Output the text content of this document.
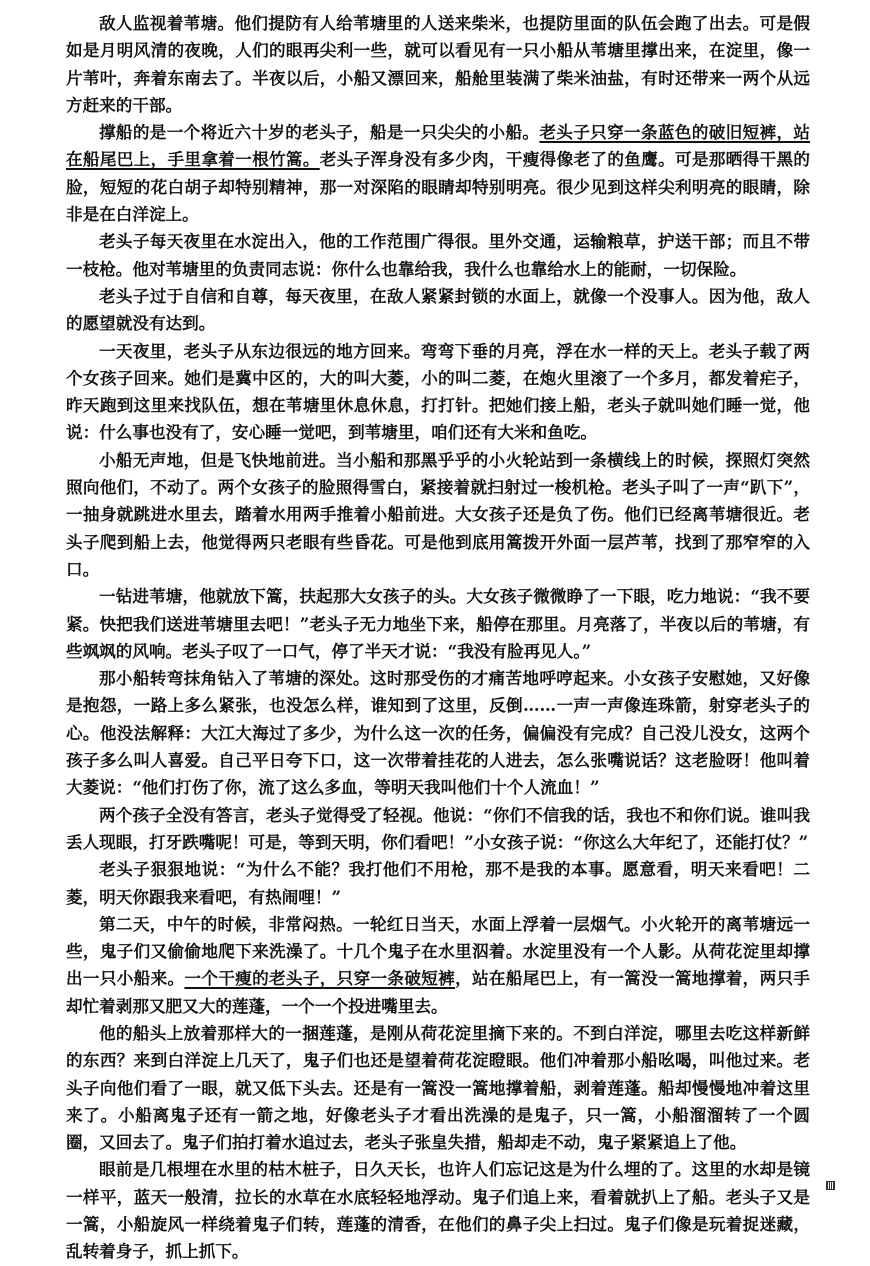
敌人监视着苇塘。他们提防有人给苇塘里的人送来柴米，也提防里面的队伍会跑了出去。可是假如是月明风清的夜晚，人们的眼再尖利一些，就可以看见有一只小船从苇塘里撑出来，在淀里，像一片苇叶，奔着东南去了。半夜以后，小船又漂回来，船舱里装满了柴米油盐，有时还带来一两个从远方赶来的干部。

撑船的是一个将近六十岁的老头子，船是一只尖尖的小船。老头子只穿一条蓝色的破旧短裤，站在船尾巴上，手里拿着一根竹篙。老头子浑身没有多少肉，干瘦得像老了的鱼鹰。可是那晒得干黑的脸，短短的花白胡子却特别精神，那一对深陷的眼睛却特别明亮。很少见到这样尖利明亮的眼睛，除非是在白洋淀上。

老头子每天夜里在水淀出入，他的工作范围广得很。里外交通，运输粮草，护送干部；而且不带一枝枪。他对苇塘里的负责同志说：你什么也靠给我，我什么也靠给水上的能耐，一切保险。

老头子过于自信和自尊，每天夜里，在敌人紧紧封锁的水面上，就像一个没事人。因为他，敌人的愿望就没有达到。

一天夜里，老头子从东边很远的地方回来。弯弯下垂的月亮，浮在水一样的天上。老头子载了两个女孩子回来。她们是冀中区的，大的叫大菱，小的叫二菱，在炮火里滚了一个多月，都发着疟子，昨天跑到这里来找队伍，想在苇塘里休息休息，打打针。把她们接上船，老头子就叫她们睡一觉，他说：什么事也没有了，安心睡一觉吧，到苇塘里，咱们还有大米和鱼吃。

小船无声地，但是飞快地前进。当小船和那黑乎乎的小火轮站到一条横线上的时候，探照灯突然照向他们，不动了。两个女孩子的脸照得雪白，紧接着就扫射过一梭机枪。老头子叫了一声“趴下”，一抽身就跳进水里去，踏着水用两手推着小船前进。大女孩子还是负了伤。他们已经离苇塘很近。老头子爬到船上去，他觉得两只老眼有些昏花。可是他到底用篙拨开外面一层芦苇，找到了那窄窄的入口。

一钻进苇塘，他就放下篙，扶起那大女孩子的头。大女孩子微微睁了一下眼，吃力地说：“我不要紧。快把我们送进苇塘里去吧！”老头子无力地坐下来，船停在那里。月亮落了，半夜以后的苇塘，有些飒飒的风响。老头子叹了一口气，停了半天才说：“我没有脸再见人。”

那小船转弯抹角钻入了苇塘的深处。这时那受伤的才痛苦地呼哼起来。小女孩子安慰她，又好像是抱怨，一路上多么紧张，也没怎么样，谁知到了这里，反倒……一声一声像连珠箭，射穿老头子的心。他没法解释：大江大海过了多少，为什么这一次的任务，偏偏没有完成？自己没儿没女，这两个孩子多么叫人喜爱。自己平日夸下口，这一次带着挂花的人进去，怎么张嘴说话？这老脸呀！他叫着大菱说：“他们打伤了你，流了这么多血，等明天我叫他们十个人流血！”

两个孩子全没有答言，老头子觉得受了轻视。他说：“你们不信我的话，我也不和你们说。谁叫我丢人现眼，打牙跌嘴呢！可是，等到天明，你们看吧！”小女孩子说：“你这么大年纪了，还能打仗？”

老头子狠狠地说：“为什么不能？我打他们不用枪，那不是我的本事。愿意看，明天来看吧！二菱，明天你跟我来看吧，有热闹哩！”

第二天，中午的时候，非常闷热。一轮红日当天，水面上浮着一层烟气。小火轮开的离苇塘远一些，鬼子们又偷偷地爬下来洗澡了。十几个鬼子在水里泅着。水淀里没有一个人影。从荷花淀里却撑出一只小船来。一个干瘦的老头子，只穿一条破短裤，站在船尾巴上，有一篙没一篙地撑着，两只手却忙着剥那又肥又大的莲蓬，一个一个投进嘴里去。

他的船头上放着那样大的一捆莲蓬，是刚从荷花淀里摘下来的。不到白洋淀，哪里去吃这样新鲜的东西？来到白洋淀上几天了，鬼子们也还是望着荷花淀瞪眼。他们冲着那小船吆喝，叫他过来。老头子向他们看了一眼，就又低下头去。还是有一篙没一篙地撑着船，剥着莲蓬。船却慢慢地冲着这里来了。小船离鬼子还有一箭之地，好像老头子才看出洗澡的是鬼子，只一篙，小船溜溜转了一个圆圈，又回去了。鬼子们拍打着水追过去，老头子张皇失措，船却走不动，鬼子紧紧追上了他。

眼前是几根埋在水里的枯木桩子，日久天长，也许人们忘记这是为什么埋的了。这里的水却是镜一样平，蓝天一般清，拉长的水草在水底轻轻地浮动。鬼子们追上来，看着就扒上了船。老头子又是一篙，小船旋风一样绕着鬼子们转，莲蓬的清香，在他们的鼻子尖上扫过。鬼子们像是玩着捉迷藏，乱转着身子，抓上抓下。
